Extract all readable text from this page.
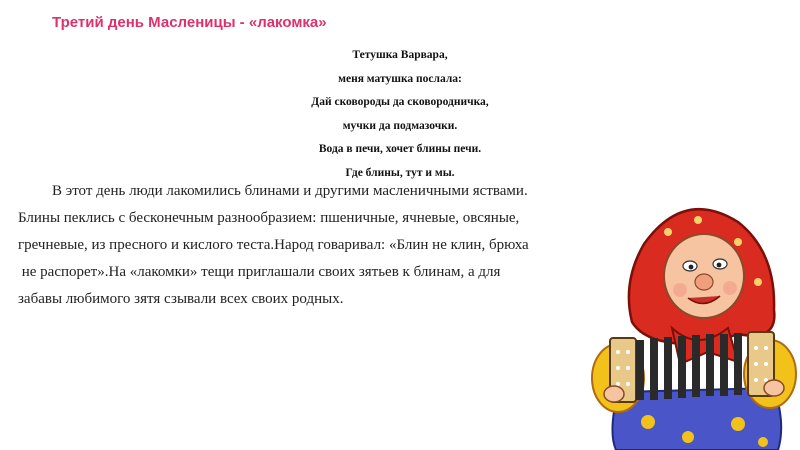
Третий день Масленицы - «лакомка»
Тетушка Варвара,
меня матушка послала:
Дай сковороды да сковородничка,
мучки да подмазочки.
Вода в печи, хочет блины печи.
Где блины, тут и мы.
В этот день люди лакомились блинами и другими масленичными яствами.
Блины пеклись с бесконечным разнообразием: пшеничные, ячневые, овсяные,
гречневые, из пресного и кислого теста.Народ говаривал: «Блин не клин, брюха
не распорет».На «лакомки» тещи приглашали своих зятьев к блинам, а для
забавы любимого зятя сзывали всех своих родных.
